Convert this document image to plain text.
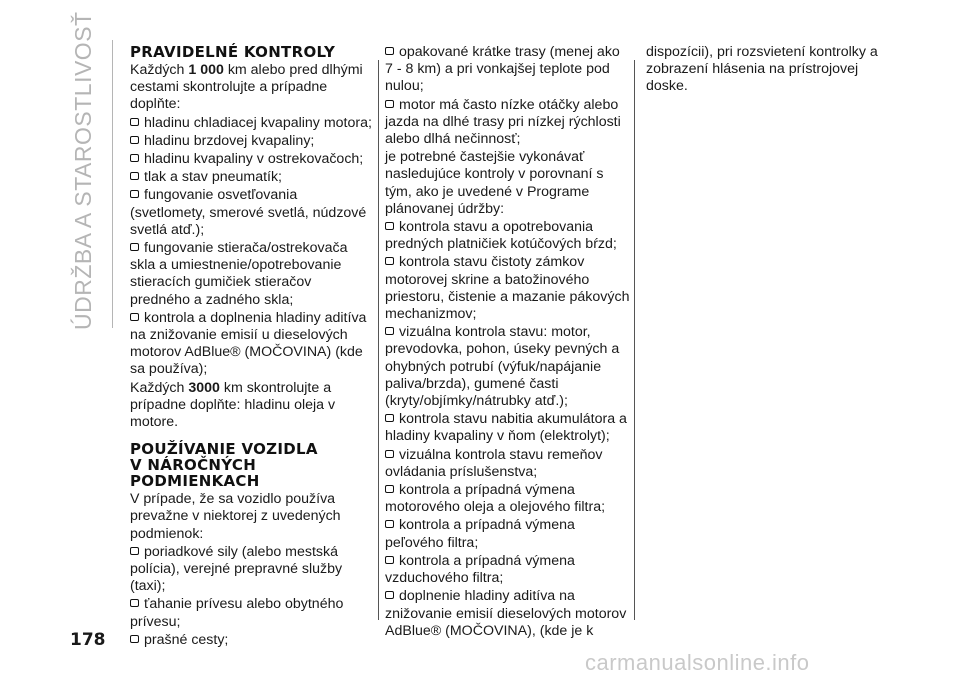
ÚDRŽBA A STAROSTLIVOSŤ PRAVIDELNÉ KONTROLY

Každých 1 000 km alebo pred dlhými cestami skontrolujte a prípadne doplňte:

hladinu chladiacej kvapaliny motora;
hladinu brzdovej kvapaliny;
hladinu kvapaliny v ostrekovačoch;
tlak a stav pneumatík;
fungovanie osvetľovania (svetlomety, smerové svetlá, núdzové svetlá atď.);
fungovanie stierača/ostrekovača skla a umiestnenie/opotrebovanie stieracích gumičiek stieračov predného a zadného skla;
kontrola a doplnenia hladiny aditíva na znižovanie emisií u dieselových motorov AdBlue® (MOČOVINA) (kde sa používa);

Každých 3000 km skontrolujte a prípadne doplňte: hladinu oleja v motore.

POUŽÍVANIE VOZIDLA
V NÁROČNÝCH
PODMIENKACH

V prípade, že sa vozidlo používa prevažne v niektorej z uvedených podmienok:

poriadkové sily (alebo mestská polícia), verejné prepravné služby (taxi);
ťahanie prívesu alebo obytného prívesu;
prašné cesty;
opakované krátke trasy (menej ako 7 - 8 km) a pri vonkajšej teplote pod nulou;
motor má často nízke otáčky alebo jazda na dlhé trasy pri nízkej rýchlosti alebo dlhá nečinnosť;

je potrebné častejšie vykonávať nasledujúce kontroly v porovnaní s tým, ako je uvedené v Programe plánovanej údržby:

kontrola stavu a opotrebovania predných platničiek kotúčových bŕzd;
kontrola stavu čistoty zámkov motorovej skrine a batožinového priestoru, čistenie a mazanie pákových mechanizmov;
vizuálna kontrola stavu: motor, prevodovka, pohon, úseky pevných a ohybných potrubí (výfuk/napájanie paliva/brzda), gumené časti (kryty/objímky/nátrubky atď.);
kontrola stavu nabitia akumulátora a hladiny kvapaliny v ňom (elektrolyt);
vizuálna kontrola stavu remeňov ovládania príslušenstva;
kontrola a prípadná výmena motorového oleja a olejového filtra;
kontrola a prípadná výmena peľového filtra;
kontrola a prípadná výmena vzduchového filtra;
doplnenie hladiny aditíva na znižovanie emisií dieselových motorov AdBlue® (MOČOVINA), (kde je k

dispozícii), pri rozsvietení kontrolky a zobrazení hlásenia na prístrojovej doske.

178
carmanualsonline.info
